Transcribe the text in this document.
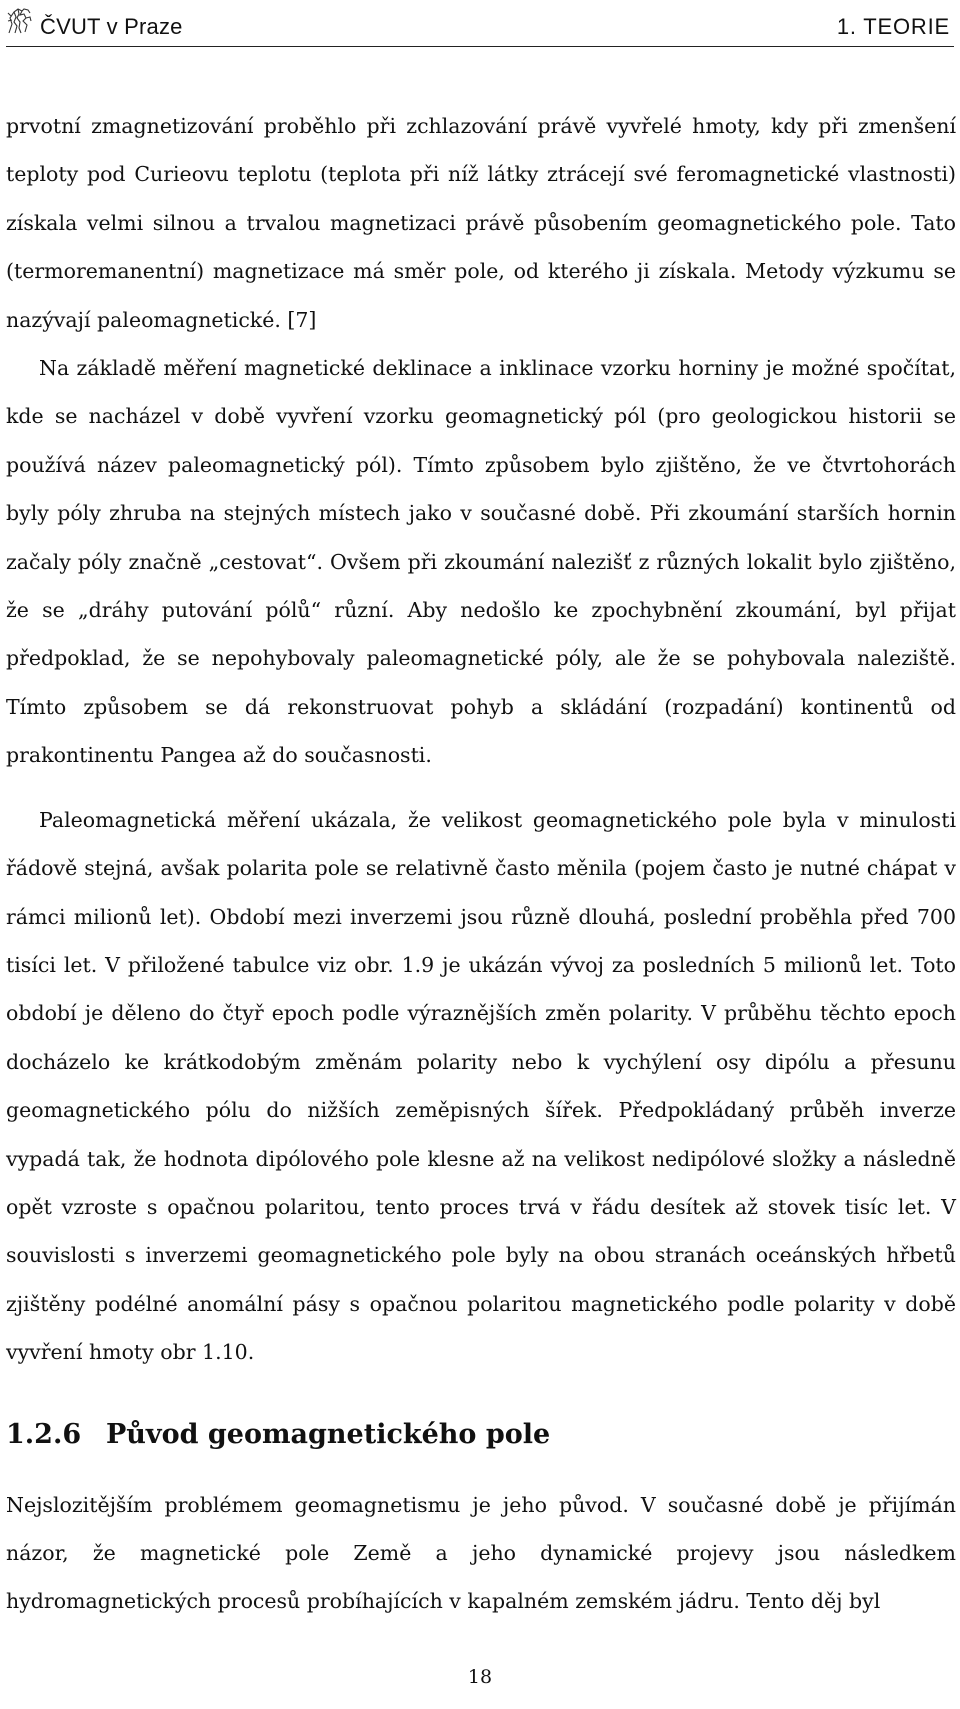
ČVUT v Praze	1. TEORIE

prvotní zmagnetizování proběhlo při zchlazování právě vyvřelé hmoty, kdy při zmenšení teploty pod Curieovu teplotu (teplota při níž látky ztrácejí své feromagnetické vlastnosti) získala velmi silnou a trvalou magnetizaci právě působením geomagnetického pole. Tato (termoremanentní) magnetizace má směr pole, od kterého ji získala. Metody výzkumu se nazývají paleomagnetické. [7]

Na základě měření magnetické deklinace a inklinace vzorku horniny je možné spočítat, kde se nacházel v době vyvření vzorku geomagnetický pól (pro geologickou historii se používá název paleomagnetický pól). Tímto způsobem bylo zjištěno, že ve čtvrtohorách byly póly zhruba na stejných místech jako v současné době. Při zkoumání starších hornin začaly póly značně „cestovat“. Ovšem při zkoumání nalezišť z různých lokalit bylo zjištěno, že se „dráhy putování pólů“ různí. Aby nedošlo ke zpochybnění zkoumání, byl přijat předpoklad, že se nepohybovaly paleomagnetické póly, ale že se pohybovala naleziště. Tímto způsobem se dá rekonstruovat pohyb a skládání (rozpadání) kontinentů od prakontinentu Pangea až do současnosti.

Paleomagnetická měření ukázala, že velikost geomagnetického pole byla v minulosti řádově stejná, avšak polarita pole se relativně často měnila (pojem často je nutné chápat v rámci milionů let). Období mezi inverzemi jsou různě dlouhá, poslední proběhla před 700 tisíci let. V přiložené tabulce viz obr. 1.9 je ukázán vývoj za posledních 5 milionů let. Toto období je děleno do čtyř epoch podle výraznějších změn polarity. V průběhu těchto epoch docházelo ke krátkodobým změnám polarity nebo k vychýlení osy dipólu a přesunu geomagnetického pólu do nižších zeměpisných šířek. Předpokládaný průběh inverze vypadá tak, že hodnota dipólového pole klesne až na velikost nedipólové složky a následně opět vzroste s opačnou polaritou, tento proces trvá v řádu desítek až stovek tisíc let. V souvislosti s inverzemi geomagnetického pole byly na obou stranách oceánských hřbetů zjištěny podélné anomální pásy s opačnou polaritou magnetického podle polarity v době vyvření hmoty obr 1.10.

1.2.6 Původ geomagnetického pole

Nejslozitějším problémem geomagnetismu je jeho původ. V současné době je přijímán názor, že magnetické pole Země a jeho dynamické projevy jsou následkem hydromagnetických procesů probíhajících v kapalném zemském jádru. Tento děj byl

18
